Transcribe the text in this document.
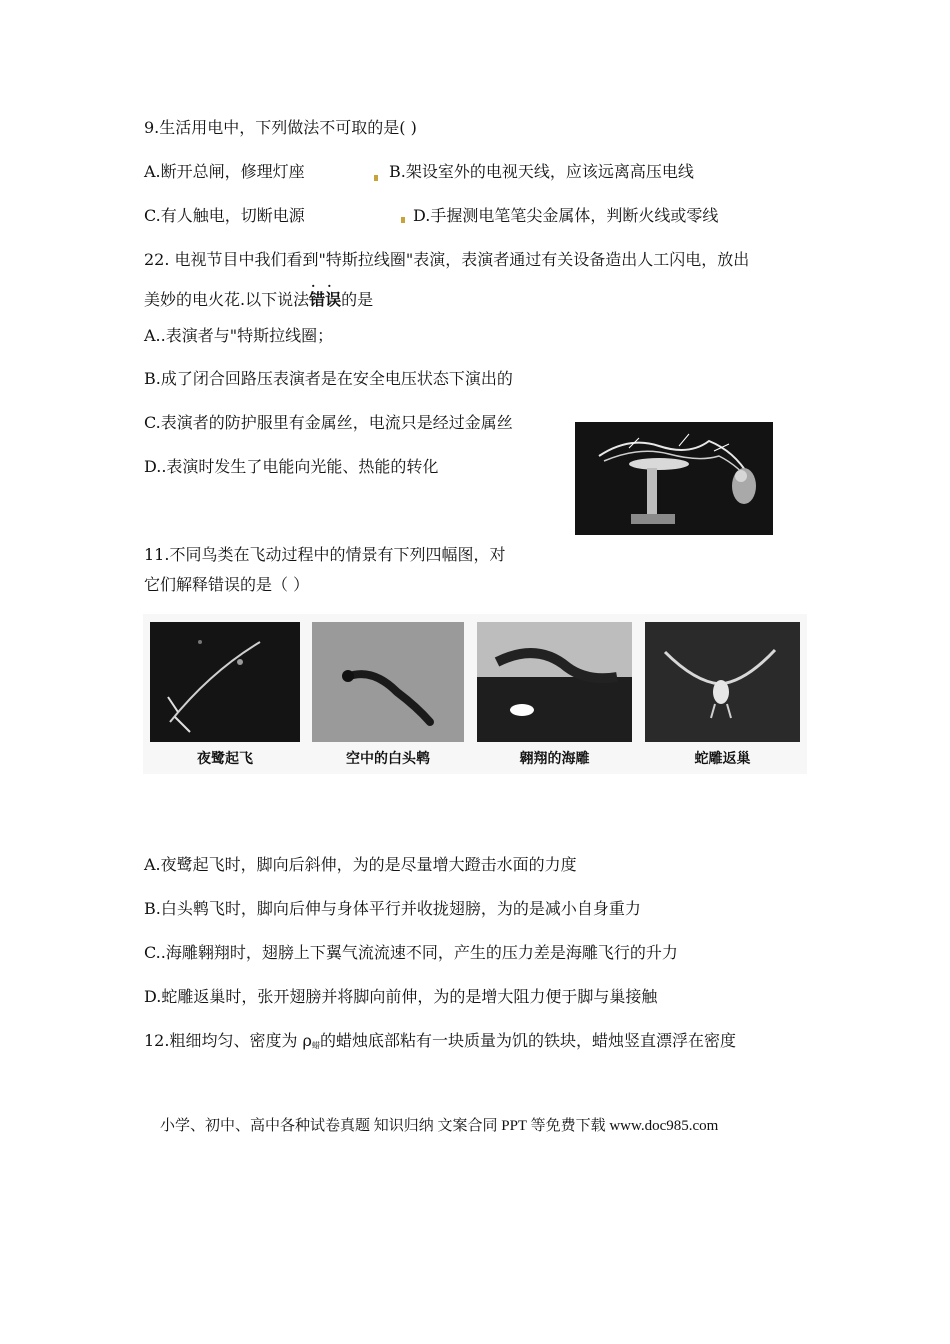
9.生活用电中，下列做法不可取的是( )
A.断开总闸，修理灯座	B.架设室外的电视天线，应该远离高压电线
C.有人触电，切断电源	D.手握测电笔笔尖金属体，判断火线或零线
22. 电视节目中我们看到"特斯拉线圈"表演，表演者通过有关设备造出人工闪电，放出
美妙的电火花.以下说法· · 错误的是
A..表演者与"特斯拉线圈；
B.成了闭合回路压表演者是在安全电压状态下演出的
C.表演者的防护服里有金属丝，电流只是经过金属丝
D..表演时发生了电能向光能、热能的转化
11.不同鸟类在飞动过程中的情景有下列四幅图，对
它们解释错误的是（ ）
夜鹭起飞	空中的白头鹎	翱翔的海雕	蛇雕返巢
A.夜鹭起飞时，脚向后斜伸，为的是尽量增大蹬击水面的力度
B.白头鹎飞时，脚向后伸与身体平行并收拢翅膀，为的是减小自身重力
C..海雕翱翔时，翅膀上下翼气流流速不同，产生的压力差是海雕飞行的升力
D.蛇雕返巢时，张开翅膀并将脚向前伸，为的是增大阻力便于脚与巢接触
12.粗细均匀、密度为 $\rho_蜡$的蜡烛底部粘有一块质量为饥的铁块，蜡烛竖直漂浮在密度
小学、初中、高中各种试卷真题 知识归纳 文案合同 PPT 等免费下载 www.doc985.com
